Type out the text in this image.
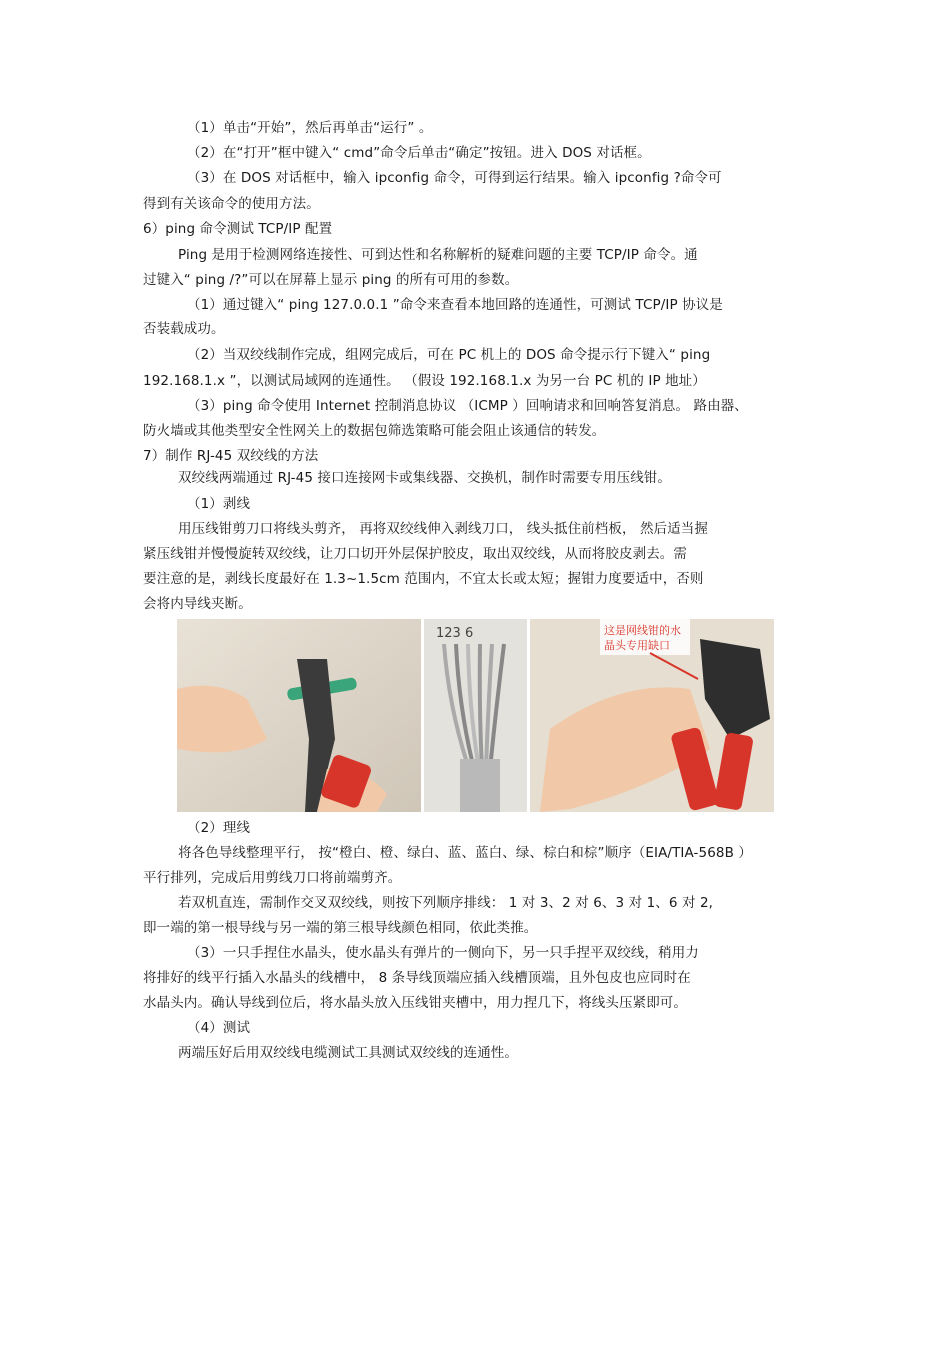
（1）单击“开始”，然后再单击“运行” 。
（2）在“打开”框中键入“ cmd”命令后单击“确定”按钮。进入 DOS 对话框。
（3）在 DOS 对话框中，输入 ipconfig 命令，可得到运行结果。输入 ipconfig ?命令可
得到有关该命令的使用方法。
6）ping 命令测试 TCP/IP 配置
Ping 是用于检测网络连接性、可到达性和名称解析的疑难问题的主要 TCP/IP 命令。通
过键入“ ping /?”可以在屏幕上显示 ping 的所有可用的参数。
（1）通过键入“ ping 127.0.0.1 ”命令来查看本地回路的连通性，可测试 TCP/IP 协议是
否装载成功。
（2）当双绞线制作完成，组网完成后，可在 PC 机上的 DOS 命令提示行下键入“ ping
192.168.1.x ”，以测试局域网的连通性。 （假设 192.168.1.x 为另一台 PC 机的 IP 地址）
（3）ping 命令使用 Internet 控制消息协议 （ICMP ）回响请求和回响答复消息。 路由器、
防火墙或其他类型安全性网关上的数据包筛选策略可能会阻止该通信的转发。
7）制作 RJ-45 双绞线的方法
双绞线两端通过 RJ-45 接口连接网卡或集线器、交换机，制作时需要专用压线钳。
（1）剥线
用压线钳剪刀口将线头剪齐， 再将双绞线伸入剥线刀口， 线头抵住前档板， 然后适当握
紧压线钳并慢慢旋转双绞线，让刀口切开外层保护胶皮，取出双绞线，从而将胶皮剥去。需
要注意的是，剥线长度最好在 1.3~1.5cm 范围内，不宜太长或太短；握钳力度要适中，否则
会将内导线夹断。
123 6	这是网线钳的水
晶头专用缺口
（2）理线
将各色导线整理平行， 按“橙白、橙、绿白、蓝、蓝白、绿、棕白和棕”顺序（EIA/TIA-568B ）
平行排列，完成后用剪线刀口将前端剪齐。
若双机直连，需制作交叉双绞线，则按下列顺序排线： 1 对 3、2 对 6、3 对 1、6 对 2,
即一端的第一根导线与另一端的第三根导线颜色相同，依此类推。
（3）一只手捏住水晶头，使水晶头有弹片的一侧向下，另一只手捏平双绞线，稍用力
将排好的线平行插入水晶头的线槽中， 8 条导线顶端应插入线槽顶端，且外包皮也应同时在
水晶头内。确认导线到位后，将水晶头放入压线钳夹槽中，用力捏几下，将线头压紧即可。
（4）测试
两端压好后用双绞线电缆测试工具测试双绞线的连通性。
